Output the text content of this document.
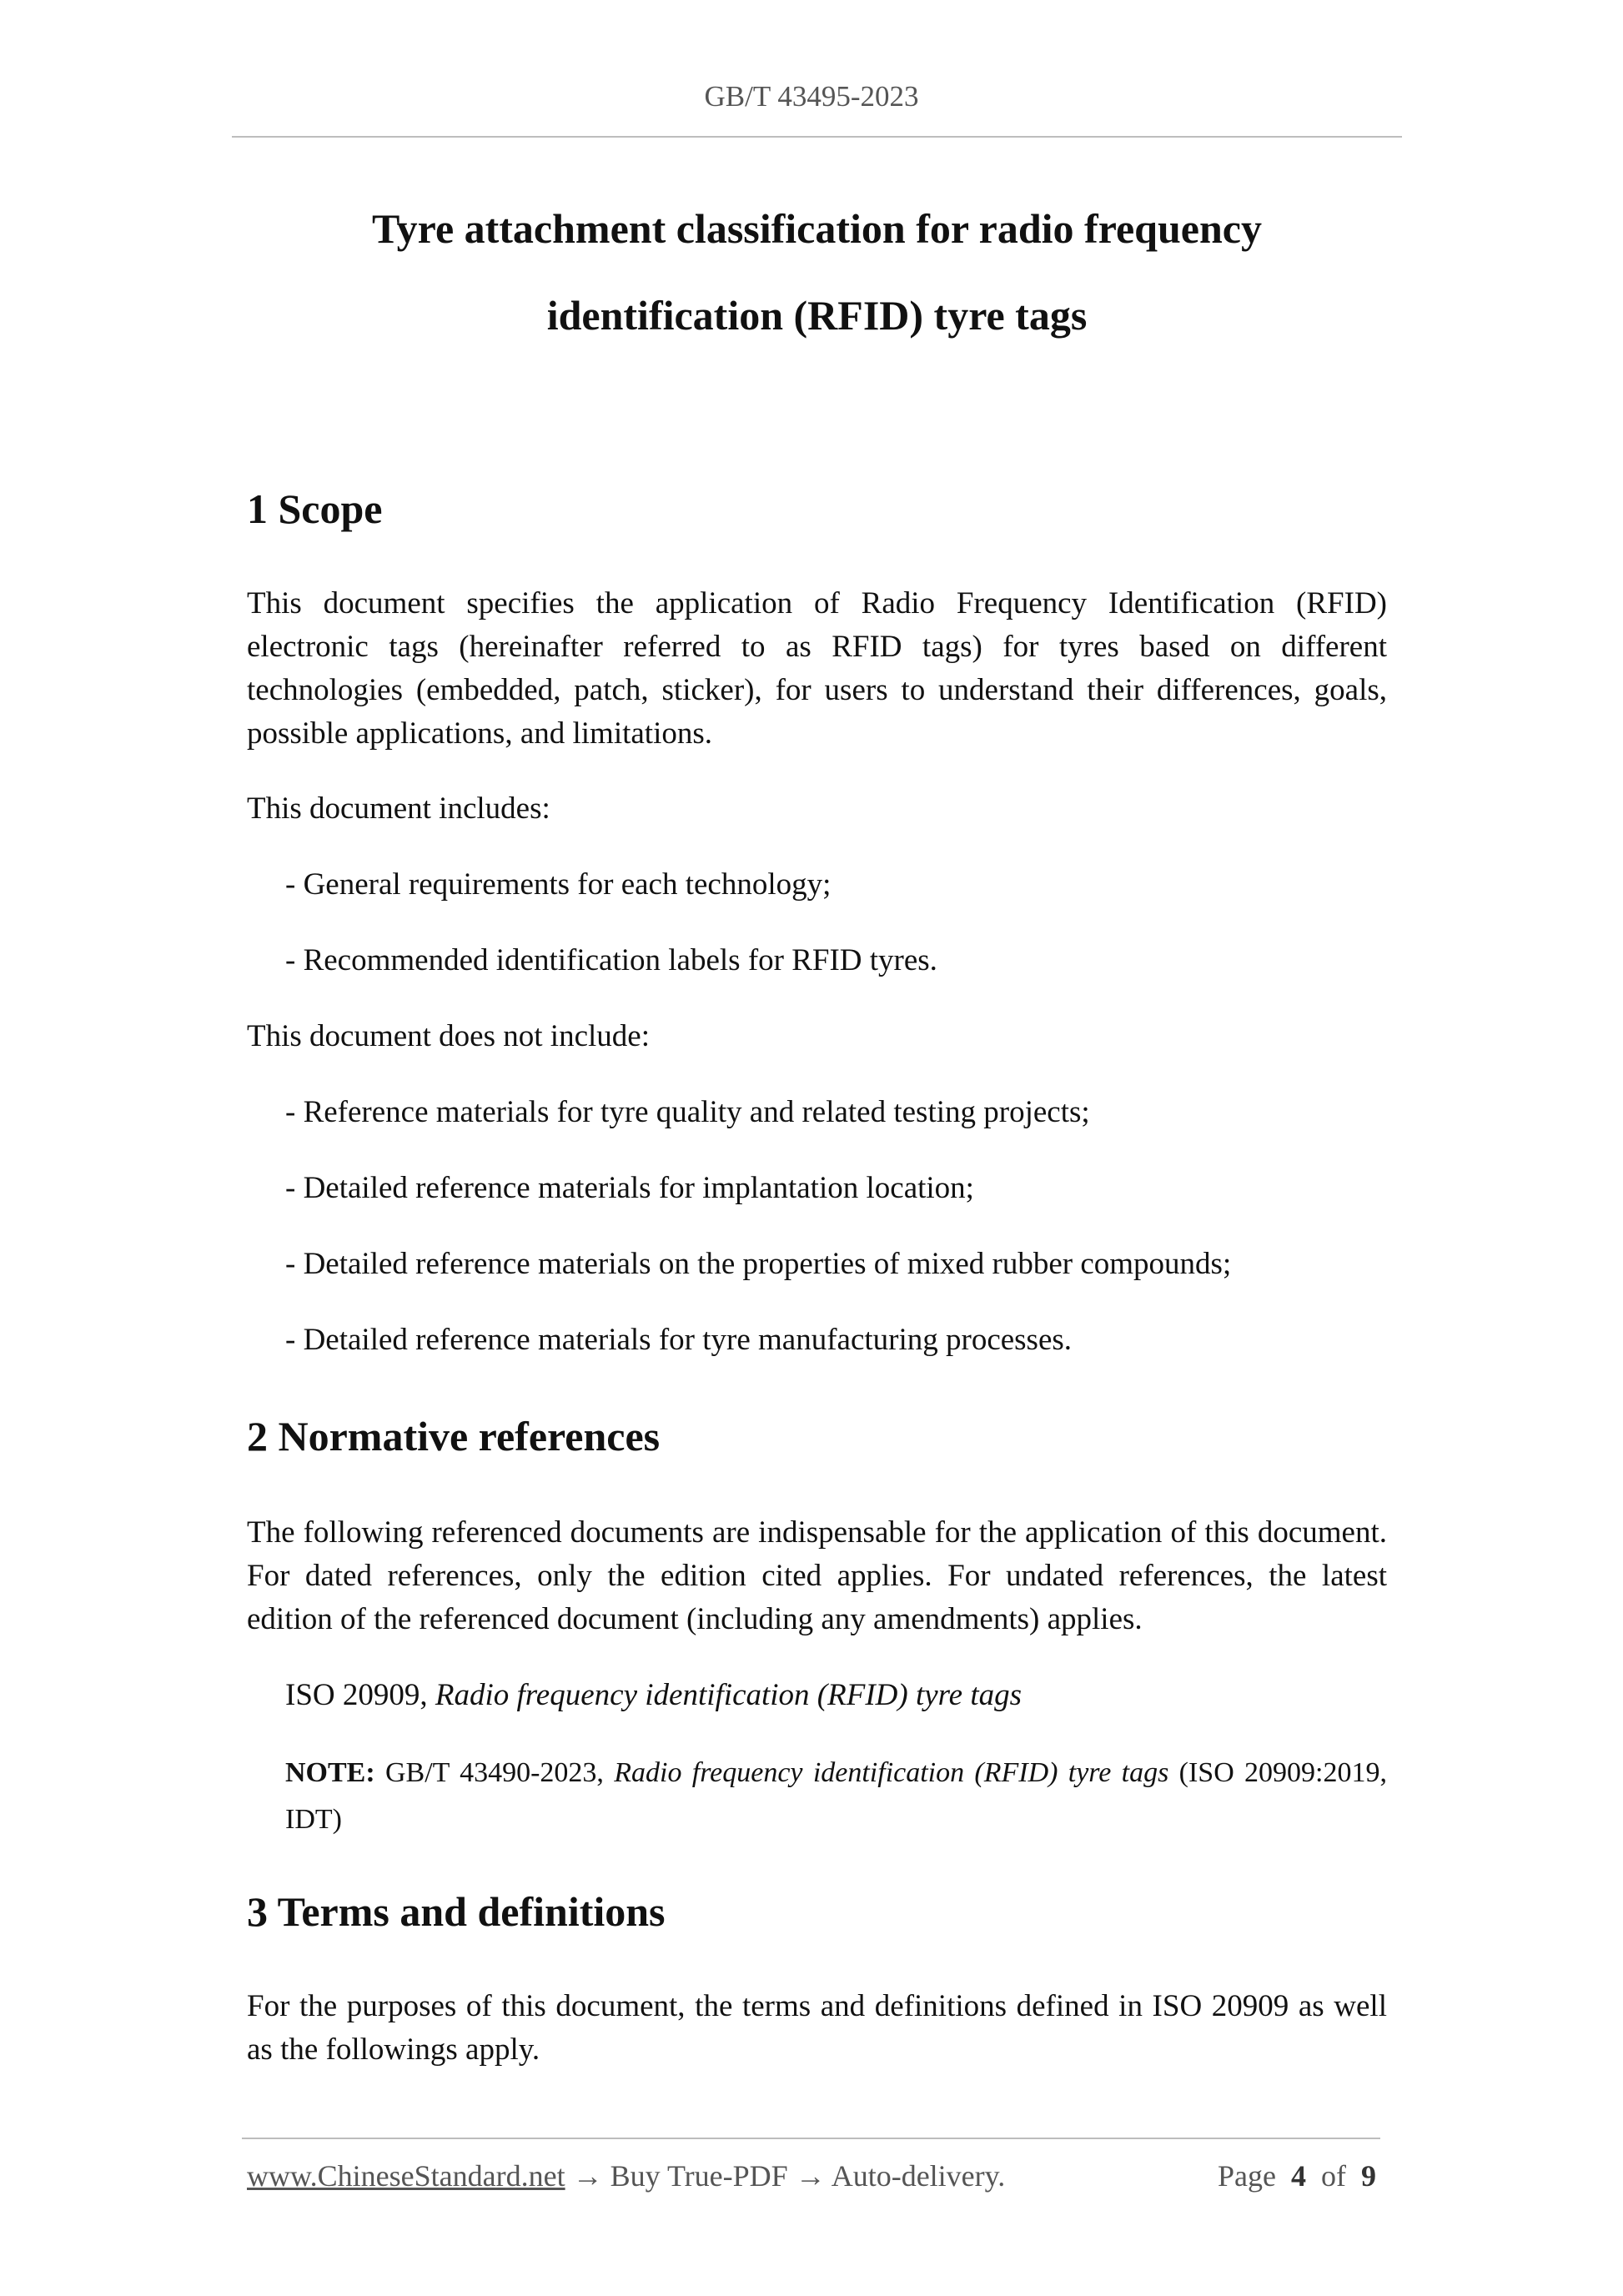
GB/T 43495-2023
Tyre attachment classification for radio frequency
identification (RFID) tyre tags
1 Scope

This document specifies the application of Radio Frequency Identification (RFID) electronic tags (hereinafter referred to as RFID tags) for tyres based on different technologies (embedded, patch, sticker), for users to understand their differences, goals, possible applications, and limitations.

This document includes:

- General requirements for each technology;

- Recommended identification labels for RFID tyres.

This document does not include:

- Reference materials for tyre quality and related testing projects;

- Detailed reference materials for implantation location;

- Detailed reference materials on the properties of mixed rubber compounds;

- Detailed reference materials for tyre manufacturing processes.

2 Normative references

The following referenced documents are indispensable for the application of this document. For dated references, only the edition cited applies. For undated references, the latest edition of the referenced document (including any amendments) applies.

ISO 20909, Radio frequency identification (RFID) tyre tags

NOTE: GB/T 43490-2023, Radio frequency identification (RFID) tyre tags (ISO 20909:2019, IDT)

3 Terms and definitions

For the purposes of this document, the terms and definitions defined in ISO 20909 as well as the followings apply.

www.ChineseStandard.net → Buy True-PDF → Auto-delivery.	Page 4 of 9
